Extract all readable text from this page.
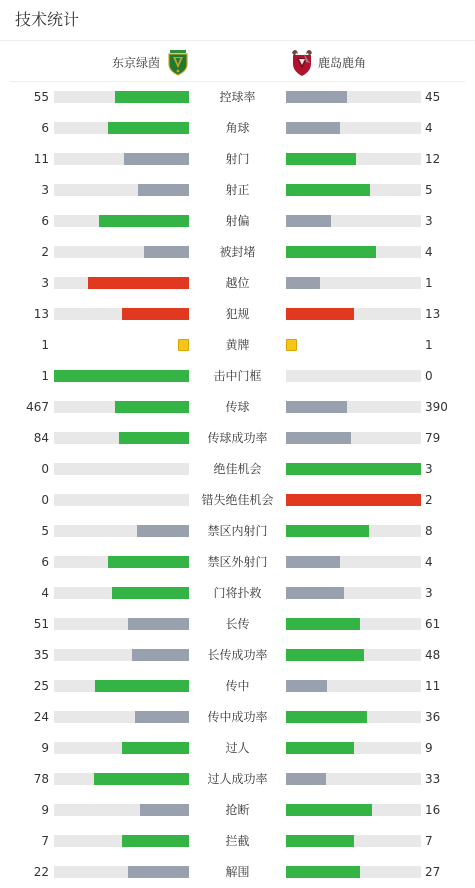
技术统计
东京绿茵	鹿岛鹿角
55	控球率	45
6	角球	4
11	射门	12
3	射正	5
6	射偏	3
2	被封堵	4
3	越位	1
13	犯规	13
1	黄牌	1
1	击中门框	0
467	传球	390
84	传球成功率	79
0	绝佳机会	3
0	错失绝佳机会	2
5	禁区内射门	8
6	禁区外射门	4
4	门将扑救	3
51	长传	61
35	长传成功率	48
25	传中	11
24	传中成功率	36
9	过人	9
78	过人成功率	33
9	抢断	16
7	拦截	7
22	解围	27
